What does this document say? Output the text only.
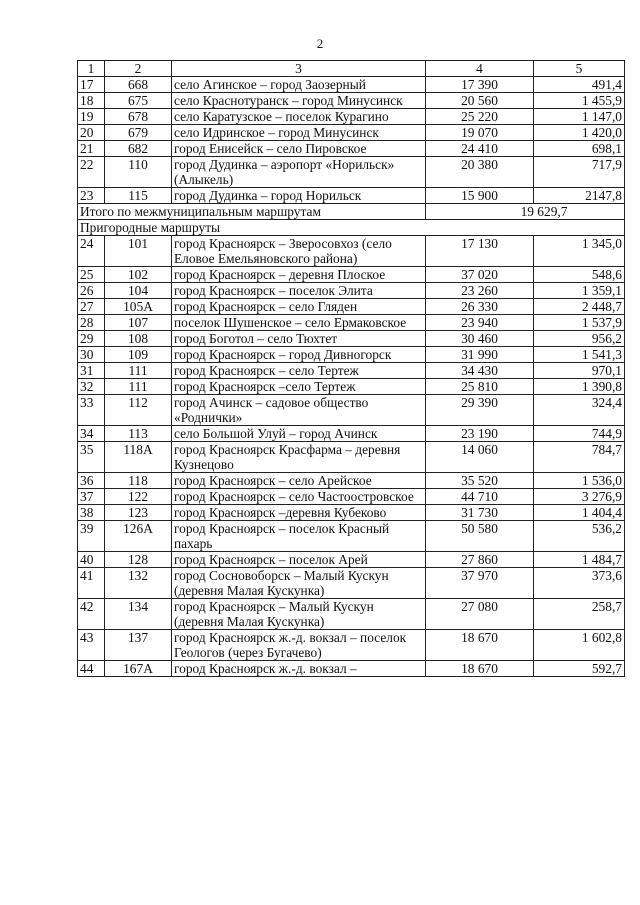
2
1	2	3	4	5
17	668	село Агинское – город Заозерный	17 390	491,4
18	675	село Краснотуранск – город Минусинск	20 560	1 455,9
19	678	село Каратузское – поселок Курагино	25 220	1 147,0
20	679	село Идринское – город Минусинск	19 070	1 420,0
21	682	город Енисейск – село Пировское	24 410	698,1
22	110	город Дудинка – аэропорт «Норильск» (Алыкель)	20 380	717,9
23	115	город Дудинка – город Норильск	15 900	2147,8
Итого по межмуниципальным маршрутам			19 629,7	
Пригородные маршруты				
24	101	город Красноярск – Зверосовхоз (село Еловое Емельяновского района)	17 130	1 345,0
25	102	город Красноярск – деревня Плоское	37 020	548,6
26	104	город Красноярск – поселок Элита	23 260	1 359,1
27	105А	город Красноярск – село Гляден	26 330	2 448,7
28	107	поселок Шушенское – село Ермаковское	23 940	1 537,9
29	108	город Боготол – село Тюхтет	30 460	956,2
30	109	город Красноярск – город Дивногорск	31 990	1 541,3
31	111	город Красноярск – село Тертеж	34 430	970,1
32	111	город Красноярск –село Тертеж	25 810	1 390,8
33	112	город Ачинск – садовое общество «Роднички»	29 390	324,4
34	113	село Большой Улуй – город Ачинск	23 190	744,9
35	118А	город Красноярск Красфарма – деревня Кузнецово	14 060	784,7
36	118	город Красноярск – село Арейское	35 520	1 536,0
37	122	город Красноярск – село Частоостровское	44 710	3 276,9
38	123	город Красноярск –деревня Кубеково	31 730	1 404,4
39	126А	город Красноярск – поселок Красный пахарь	50 580	536,2
40	128	город Красноярск – поселок Арей	27 860	1 484,7
41	132	город Сосновоборск – Малый Кускун (деревня Малая Кускунка)	37 970	373,6
42	134	город Красноярск – Малый Кускун (деревня Малая Кускунка)	27 080	258,7
43	137	город Красноярск ж.-д. вокзал – поселок Геологов (через Бугачево)	18 670	1 602,8
44	167А	город Красноярск ж.-д. вокзал –	18 670	592,7
